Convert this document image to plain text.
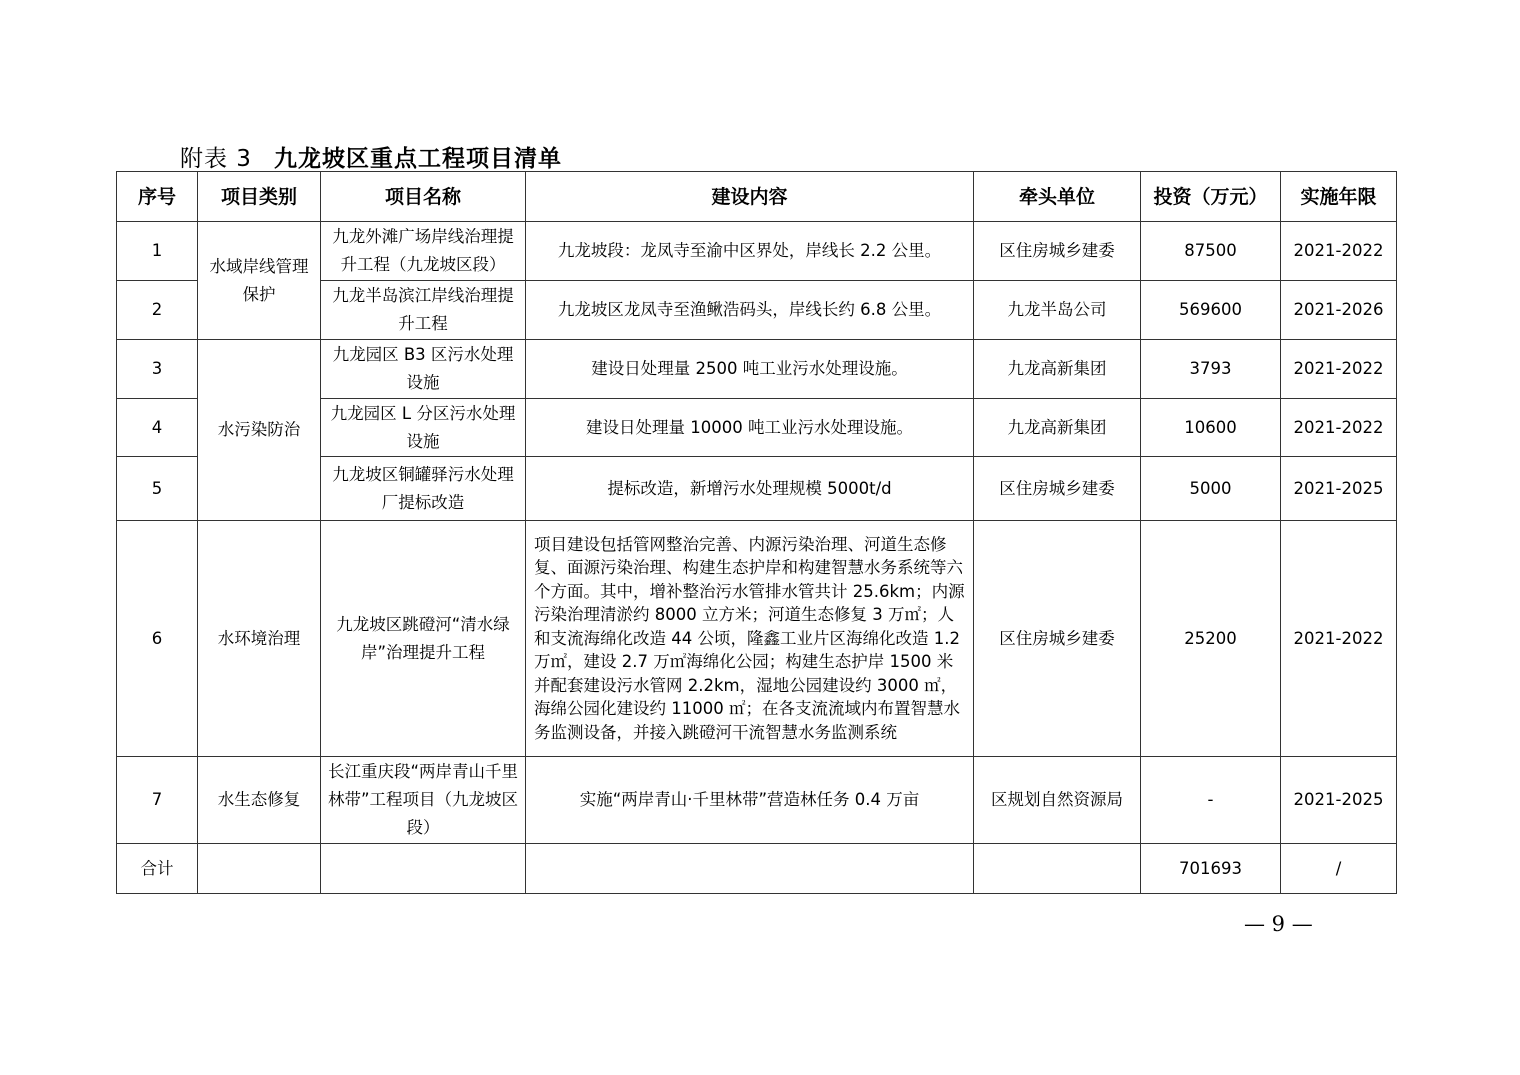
附表 3 九龙坡区重点工程项目清单
序号	项目类别	项目名称	建设内容	牵头单位	投资（万元）	实施年限
1	水域岸线管理保护	九龙外滩广场岸线治理提升工程（九龙坡区段）	九龙坡段：龙凤寺至渝中区界处，岸线长 2.2 公里。	区住房城乡建委	87500	2021-2022
2		九龙半岛滨江岸线治理提升工程	九龙坡区龙凤寺至渔鳅浩码头，岸线长约 6.8 公里。	九龙半岛公司	569600	2021-2026
3	水污染防治	九龙园区 B3 区污水处理设施	建设日处理量 2500 吨工业污水处理设施。	九龙高新集团	3793	2021-2022
4		九龙园区 L 分区污水处理设施	建设日处理量 10000 吨工业污水处理设施。	九龙高新集团	10600	2021-2022
5		九龙坡区铜罐驿污水处理厂提标改造	提标改造，新增污水处理规模 5000t/d	区住房城乡建委	5000	2021-2025
6	水环境治理	九龙坡区跳磴河“清水绿岸”治理提升工程	项目建设包括管网整治完善、内源污染治理、河道生态修复、面源污染治理、构建生态护岸和构建智慧水务系统等六个方面。其中，增补整治污水管排水管共计 25.6km；内源污染治理清淤约 8000 立方米；河道生态修复 3 万㎡；人和支流海绵化改造 44 公顷，隆鑫工业片区海绵化改造 1.2 万㎡，建设 2.7 万㎡海绵化公园；构建生态护岸 1500 米并配套建设污水管网 2.2km，湿地公园建设约 3000 ㎡，海绵公园化建设约 11000 ㎡；在各支流流域内布置智慧水务监测设备，并接入跳磴河干流智慧水务监测系统	区住房城乡建委	25200	2021-2022
7	水生态修复	长江重庆段“两岸青山千里林带”工程项目（九龙坡区段）	实施“两岸青山·千里林带”营造林任务 0.4 万亩	区规划自然资源局	-	2021-2025
合计					701693	/
— 9 —
